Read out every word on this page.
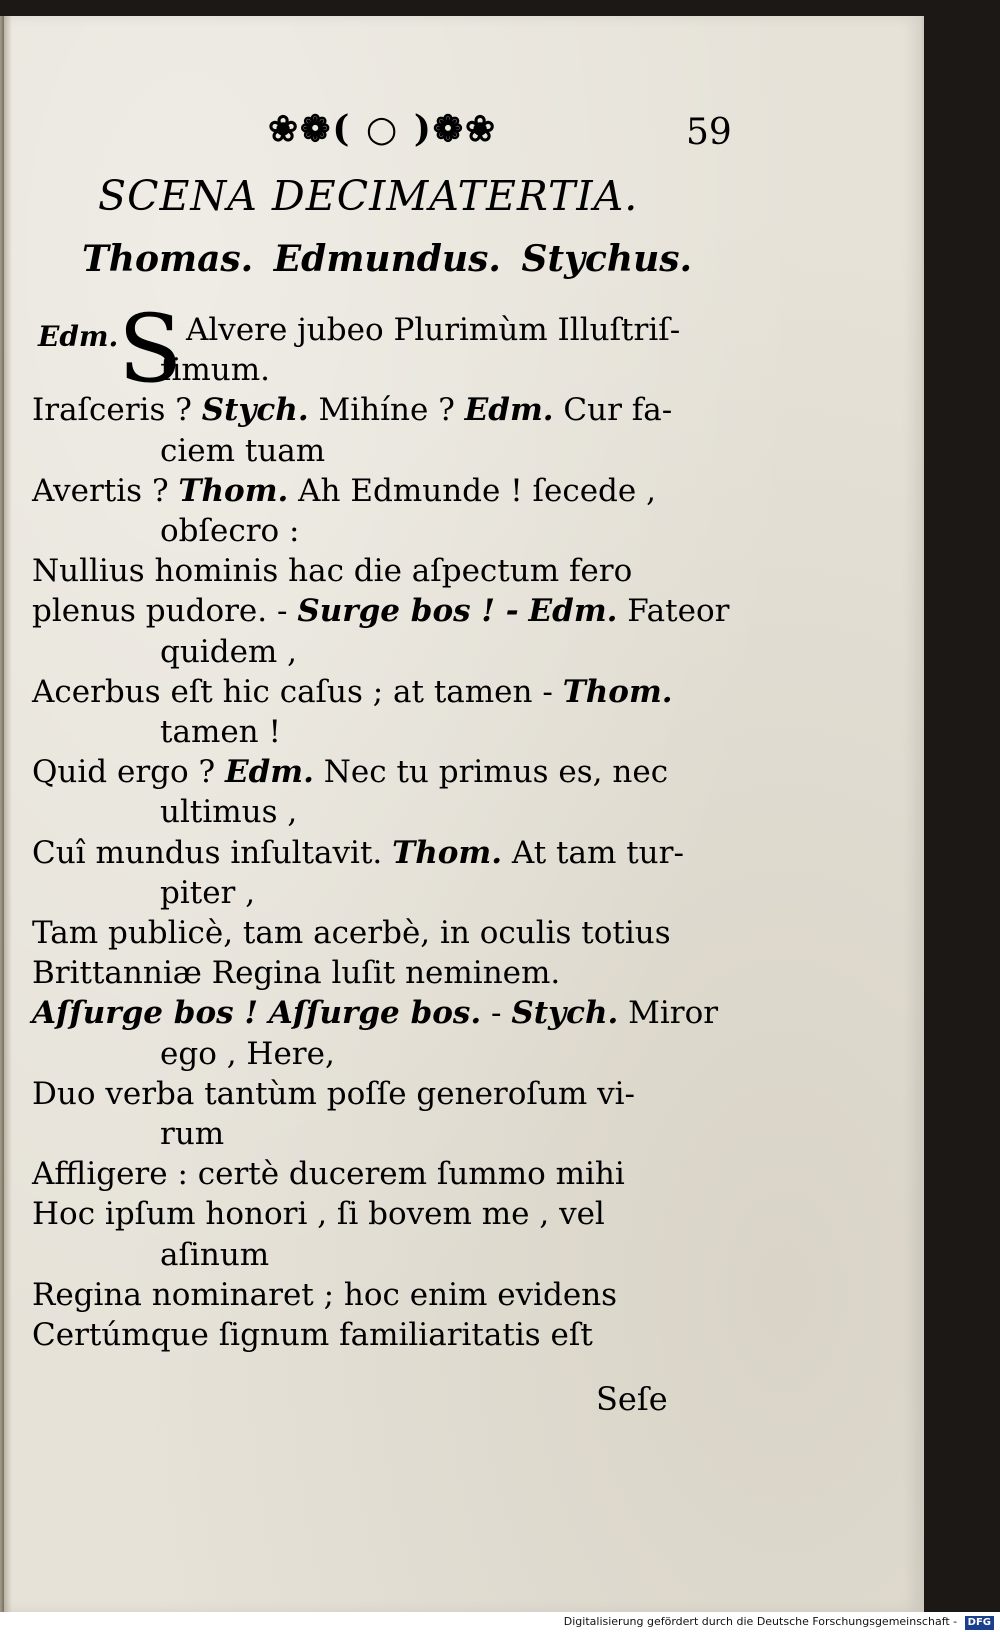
❀❁( ○ )❁❀	59
SCENA DECIMATERTIA.
Thomas. Edmundus. Stychus.
Edm. S Alvere jubeo Plurimùm Illuſtriſ-
ſimum.
Iraſceris ? Stych. Mihíne ? Edm. Cur fa-
ciem tuam
Avertis ? Thom. Ah Edmunde ! ſecede ,
obſecro :
Nullius hominis hac die aſpectum fero
plenus pudore. - Surge bos ! - Edm. Fateor
quidem ,
Acerbus eſt hic caſus ; at tamen - Thom.
tamen !
Quid ergo ? Edm. Nec tu primus es, nec
ultimus ,
Cuî mundus inſultavit. Thom. At tam tur-
piter ,
Tam publicè, tam acerbè, in oculis totius
Brittanniæ Regina luſit neminem.
Aſſurge bos ! Aſſurge bos. - Stych. Miror
ego , Here,
Duo verba tantùm poſſe generoſum vi-
rum
Affligere : certè ducerem ſummo mihi
Hoc ipſum honori , ſi bovem me , vel
aſinum
Regina nominaret ; hoc enim evidens
Certúmque ſignum familiaritatis eſt
Seſe
Digitalisierung gefördert durch die Deutsche Forschungsgemeinschaft - DFG
